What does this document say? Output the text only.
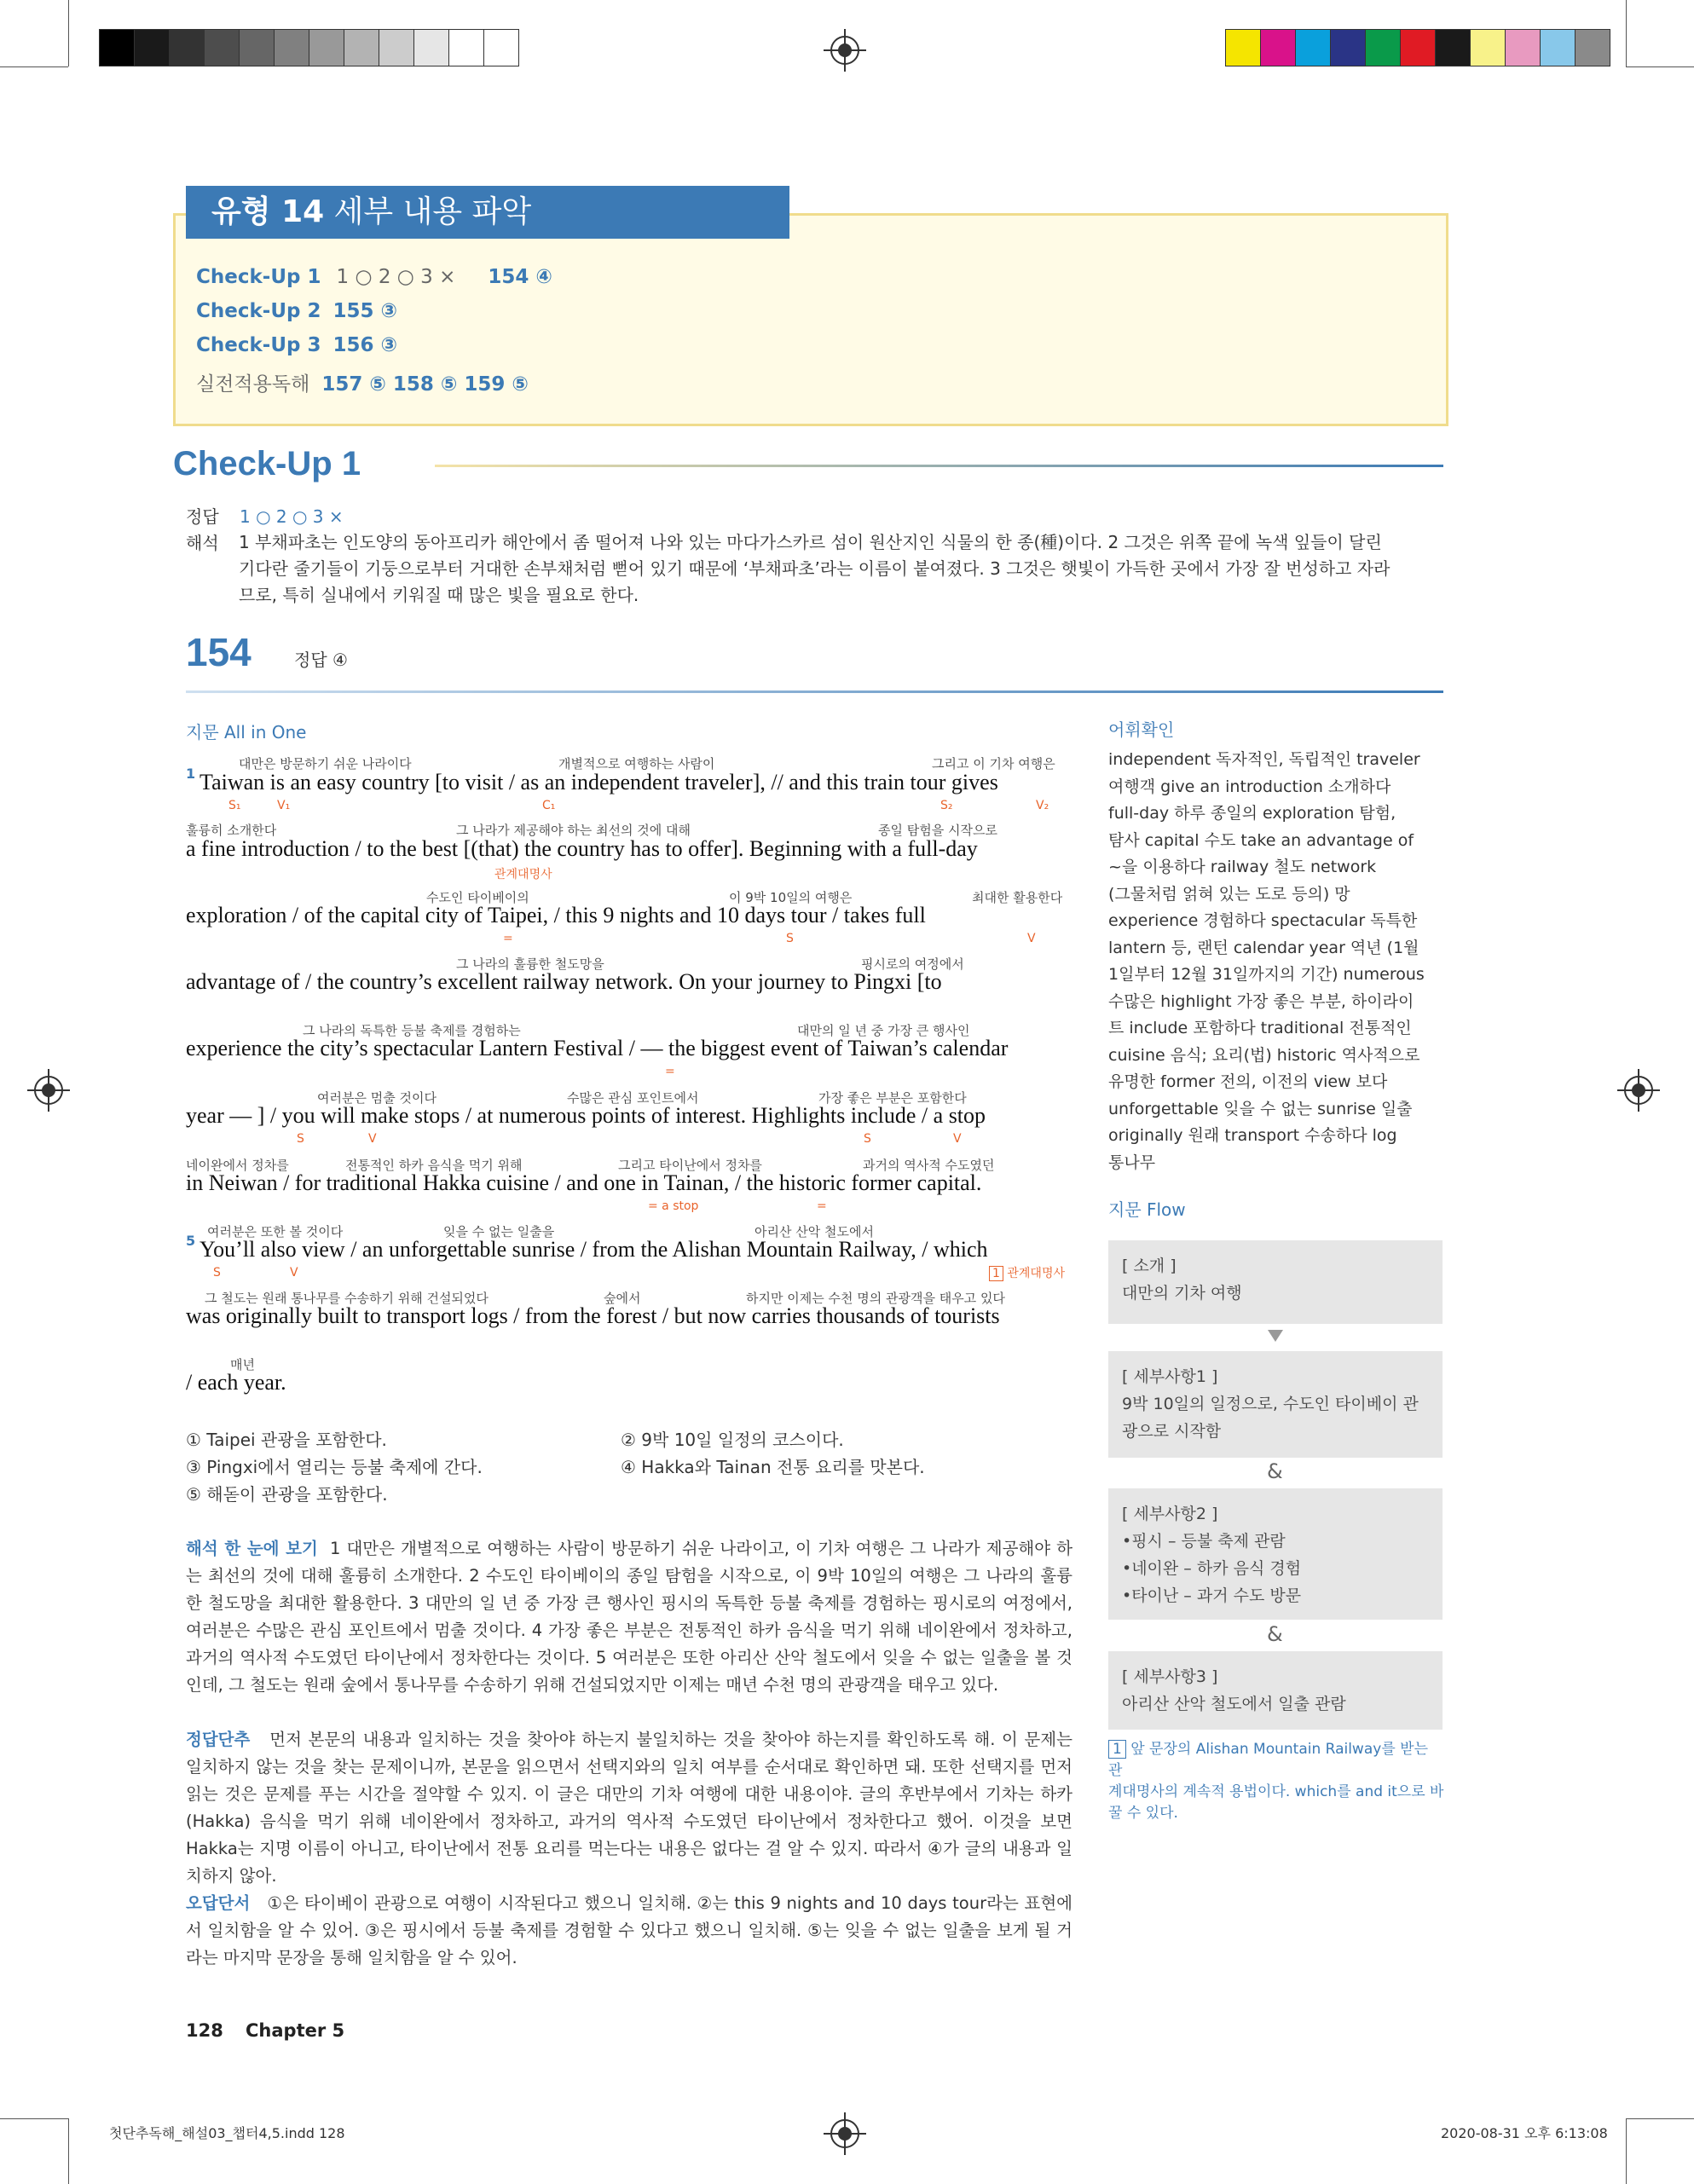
유형 14 세부 내용 파악
Check-Up 1 1 ○ 2 ○ 3 × 154 ④
Check-Up 2 155 ③
Check-Up 3 156 ③
실전적용독해 157 ⑤ 158 ⑤ 159 ⑤
Check-Up 1
정답 1 ○ 2 ○ 3 ×
해석 1 부채파초는 인도양의 동아프리카 해안에서 좀 떨어져 나와 있는 마다가스카르 섬이 원산지인 식물의 한 종(種)이다. 2 그것은 위쪽 끝에 녹색 잎들이 달린
기다란 줄기들이 기둥으로부터 거대한 손부채처럼 뻗어 있기 때문에 ‘부채파초’라는 이름이 붙여졌다. 3 그것은 햇빛이 가득한 곳에서 가장 잘 번성하고 자라
므로, 특히 실내에서 키워질 때 많은 빛을 필요로 한다.
154	정답 ④
지문 All in One
1
대만은 방문하기 쉬운 나라이다	개별적으로 여행하는 사람이	그리고 이 기차 여행은
Taiwan is an easy country [to visit / as an independent traveler], // and this train tour gives
S₁	V₁	C₁	S₂	V₂
훌륭히 소개한다	그 나라가 제공해야 하는 최선의 것에 대해	종일 탐험을 시작으로
a fine introduction / to the best [(that) the country has to offer]. Beginning with a full-day
관계대명사
수도인 타이베이의	이 9박 10일의 여행은	최대한 활용한다
exploration / of the capital city of Taipei, / this 9 nights and 10 days tour / takes full
=	S	V
그 나라의 훌륭한 철도망을	핑시로의 여정에서
advantage of / the country’s excellent railway network. On your journey to Pingxi [to
그 나라의 독특한 등불 축제를 경험하는	대만의 일 년 중 가장 큰 행사인
experience the city’s spectacular Lantern Festival / — the biggest event of Taiwan’s calendar
=
여러분은 멈출 것이다	수많은 관심 포인트에서	가장 좋은 부분은 포함한다
year — ] / you will make stops / at numerous points of interest. Highlights include / a stop
S	V	S	V
네이완에서 정차를	전통적인 하카 음식을 먹기 위해	그리고 타이난에서 정차를	과거의 역사적 수도였던
in Neiwan / for traditional Hakka cuisine / and one in Tainan, / the historic former capital.
= a stop	=
5
여러분은 또한 볼 것이다	잊을 수 없는 일출을	아리산 산악 철도에서
You’ll also view / an unforgettable sunrise / from the Alishan Mountain Railway, / which
S	V	1 관계대명사
그 철도는 원래 통나무를 수송하기 위해 건설되었다	숲에서	하지만 이제는 수천 명의 관광객을 태우고 있다
was originally built to transport logs / from the forest / but now carries thousands of tourists
매년
/ each year.
① Taipei 관광을 포함한다.	② 9박 10일 일정의 코스이다.
③ Pingxi에서 열리는 등불 축제에 간다.	④ Hakka와 Tainan 전통 요리를 맛본다.
⑤ 해돋이 관광을 포함한다.
해석 한 눈에 보기 1 대만은 개별적으로 여행하는 사람이 방문하기 쉬운 나라이고, 이 기차 여행은 그 나라가 제공해야 하는 최선의 것에 대해 훌륭히 소개한다. 2 수도인 타이베이의 종일 탐험을 시작으로, 이 9박 10일의 여행은 그 나라의 훌륭한 철도망을 최대한 활용한다. 3 대만의 일 년 중 가장 큰 행사인 핑시의 독특한 등불 축제를 경험하는 핑시로의 여정에서, 여러분은 수많은 관심 포인트에서 멈출 것이다. 4 가장 좋은 부분은 전통적인 하카 음식을 먹기 위해 네이완에서 정차하고, 과거의 역사적 수도였던 타이난에서 정차한다는 것이다. 5 여러분은 또한 아리산 산악 철도에서 잊을 수 없는 일출을 볼 것인데, 그 철도는 원래 숲에서 통나무를 수송하기 위해 건설되었지만 이제는 매년 수천 명의 관광객을 태우고 있다.
정답단추 먼저 본문의 내용과 일치하는 것을 찾아야 하는지 불일치하는 것을 찾아야 하는지를 확인하도록 해. 이 문제는 일치하지 않는 것을 찾는 문제이니까, 본문을 읽으면서 선택지와의 일치 여부를 순서대로 확인하면 돼. 또한 선택지를 먼저 읽는 것은 문제를 푸는 시간을 절약할 수 있지. 이 글은 대만의 기차 여행에 대한 내용이야. 글의 후반부에서 기차는 하카(Hakka) 음식을 먹기 위해 네이완에서 정차하고, 과거의 역사적 수도였던 타이난에서 정차한다고 했어. 이것을 보면 Hakka는 지명 이름이 아니고, 타이난에서 전통 요리를 먹는다는 내용은 없다는 걸 알 수 있지. 따라서 ④가 글의 내용과 일치하지 않아.
오답단서 ①은 타이베이 관광으로 여행이 시작된다고 했으니 일치해. ②는 this 9 nights and 10 days tour라는 표현에서 일치함을 알 수 있어. ③은 핑시에서 등불 축제를 경험할 수 있다고 했으니 일치해. ⑤는 잊을 수 없는 일출을 보게 될 거라는 마지막 문장을 통해 일치함을 알 수 있어.
어휘확인
independent 독자적인, 독립적인 traveler
여행객 give an introduction 소개하다
full-day 하루 종일의 exploration 탐험,
탐사 capital 수도 take an advantage of
~을 이용하다 railway 철도 network
(그물처럼 얽혀 있는 도로 등의) 망
experience 경험하다 spectacular 독특한
lantern 등, 랜턴 calendar year 역년 (1월
1일부터 12월 31일까지의 기간) numerous
수많은 highlight 가장 좋은 부분, 하이라이
트 include 포함하다 traditional 전통적인
cuisine 음식; 요리(법) historic 역사적으로
유명한 former 전의, 이전의 view 보다
unforgettable 잊을 수 없는 sunrise 일출
originally 원래 transport 수송하다 log
통나무
지문 Flow
[ 소개 ]
대만의 기차 여행
[ 세부사항1 ]
9박 10일의 일정으로, 수도인 타이베이 관
광으로 시작함
&
[ 세부사항2 ]
•핑시 – 등불 축제 관람
•네이완 – 하카 음식 경험
•타이난 – 과거 수도 방문
&
[ 세부사항3 ]
아리산 산악 철도에서 일출 관람
1 앞 문장의 Alishan Mountain Railway를 받는 관
계대명사의 계속적 용법이다. which를 and it으로 바
꿀 수 있다.
128 Chapter 5
첫단추독해_해설03_챕터4,5.indd 128	2020-08-31 오후 6:13:08
